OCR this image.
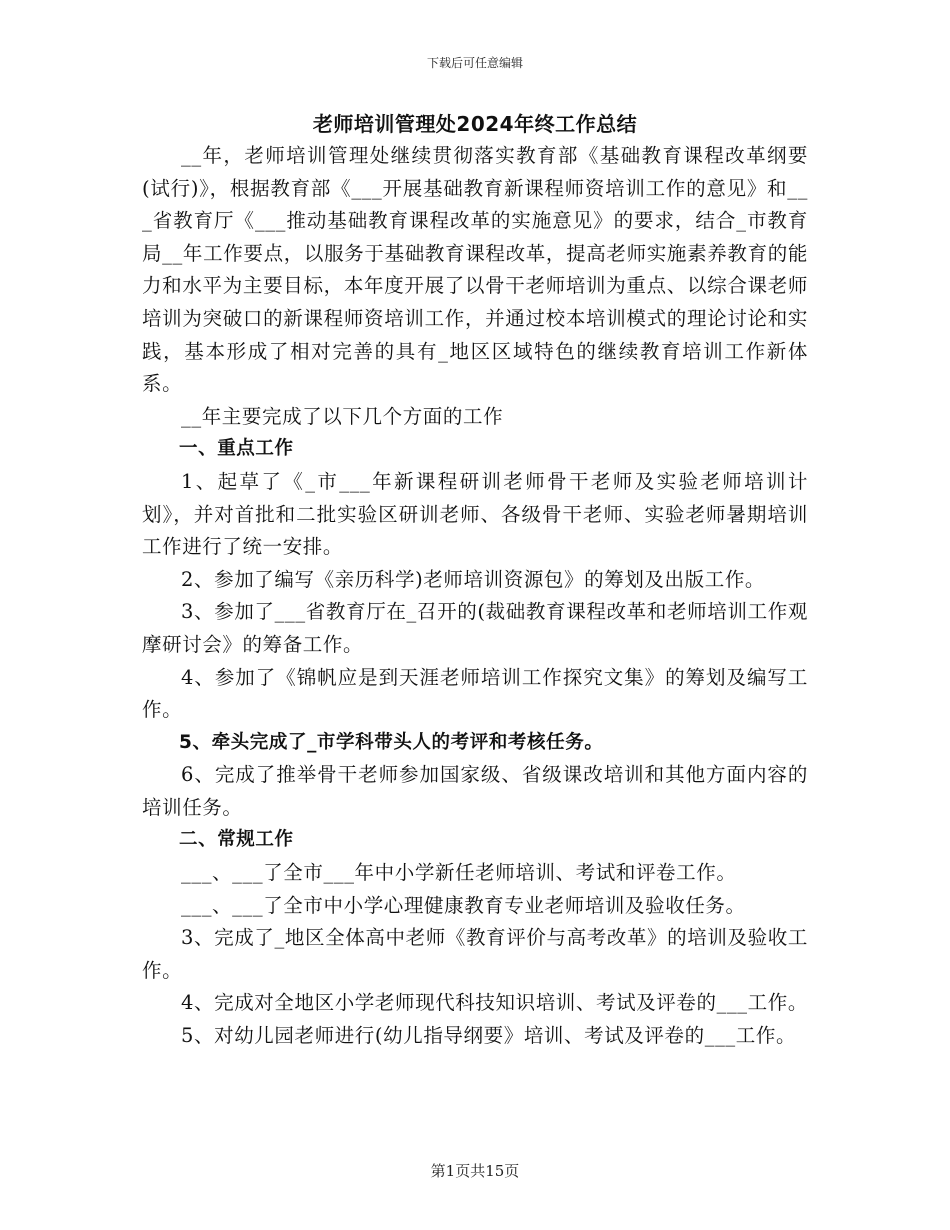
下载后可任意编辑
老师培训管理处2024年终工作总结

__年，老师培训管理处继续贯彻落实教育部《基础教育课程改革纲要(试行)》，根据教育部《___开展基础教育新课程师资培训工作的意见》和___省教育厅《___推动基础教育课程改革的实施意见》的要求，结合_市教育局__年工作要点，以服务于基础教育课程改革，提高老师实施素养教育的能力和水平为主要目标，本年度开展了以骨干老师培训为重点、以综合课老师培训为突破口的新课程师资培训工作，并通过校本培训模式的理论讨论和实践，基本形成了相对完善的具有_地区区域特色的继续教育培训工作新体系。

__年主要完成了以下几个方面的工作

一、重点工作

1、起草了《_市___年新课程研训老师骨干老师及实验老师培训计划》，并对首批和二批实验区研训老师、各级骨干老师、实验老师暑期培训工作进行了统一安排。

2、参加了编写《亲历科学)老师培训资源包》的筹划及出版工作。

3、参加了___省教育厅在_召开的(裁础教育课程改革和老师培训工作观摩研讨会》的筹备工作。

4、参加了《锦帆应是到天涯老师培训工作探究文集》的筹划及编写工作。

5、牵头完成了_市学科带头人的考评和考核任务。

6、完成了推举骨干老师参加国家级、省级课改培训和其他方面内容的培训任务。

二、常规工作

___、___了全市___年中小学新任老师培训、考试和评卷工作。

___、___了全市中小学心理健康教育专业老师培训及验收任务。

3、完成了_地区全体高中老师《教育评价与高考改革》的培训及验收工作。

4、完成对全地区小学老师现代科技知识培训、考试及评卷的___工作。

5、对幼儿园老师进行(幼儿指导纲要》培训、考试及评卷的___工作。

第1页共15页
